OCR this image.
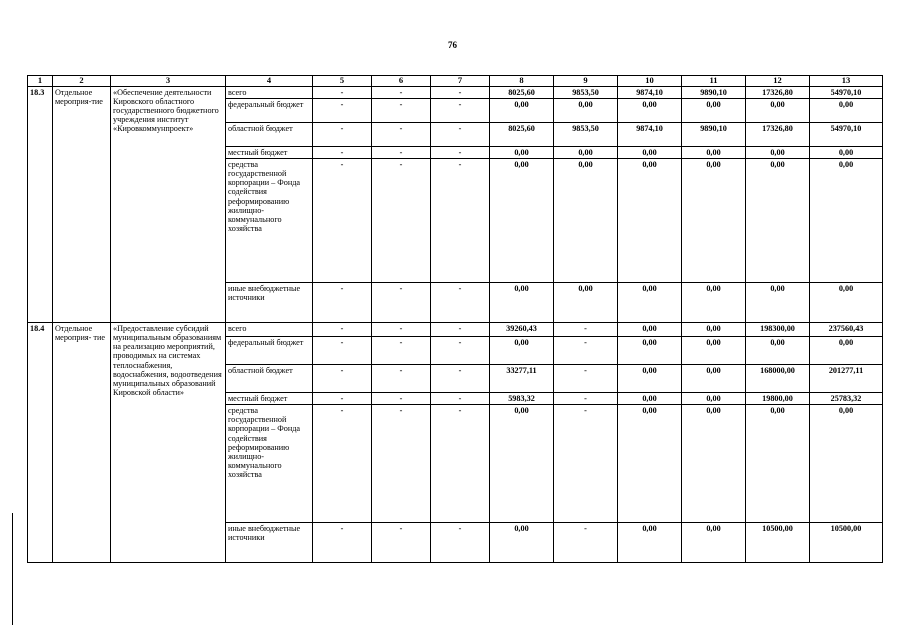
76
1	2	3	4	5	6	7	8	9	10	11	12	13
18.3	Отдельное мероприя-тие	«Обеспечение деятельности Кировского областного государственного бюджетного учреждения институт «Кировкоммунпроект»	всего	-	-	-	8025,60	9853,50	9874,10	9890,10	17326,80	54970,10
			федеральный бюджет	-	-	-	0,00	0,00	0,00	0,00	0,00	0,00
			областной бюджет	-	-	-	8025,60	9853,50	9874,10	9890,10	17326,80	54970,10
			местный бюджет	-	-	-	0,00	0,00	0,00	0,00	0,00	0,00
			средства государственной корпорации – Фонда содействия реформированию жилищно-коммунального хозяйства	-	-	-	0,00	0,00	0,00	0,00	0,00	0,00
			иные внебюджетные источники	-	-	-	0,00	0,00	0,00	0,00	0,00	0,00
18.4	Отдельное мероприя- тие	«Предоставление субсидий муниципальным образованиям на реализацию мероприятий, проводимых на системах теплоснабжения, водоснабжения, водоотведения муниципальных образований Кировской области»	всего	-	-	-	39260,43	-	0,00	0,00	198300,00	237560,43
			федеральный бюджет	-	-	-	0,00	-	0,00	0,00	0,00	0,00
			областной бюджет	-	-	-	33277,11	-	0,00	0,00	168000,00	201277,11
			местный бюджет	-	-	-	5983,32	-	0,00	0,00	19800,00	25783,32
			средства государственной корпорации – Фонда содействия реформированию жилищно-коммунального хозяйства	-	-	-	0,00	-	0,00	0,00	0,00	0,00
			иные внебюджетные источники	-	-	-	0,00	-	0,00	0,00	10500,00	10500,00
